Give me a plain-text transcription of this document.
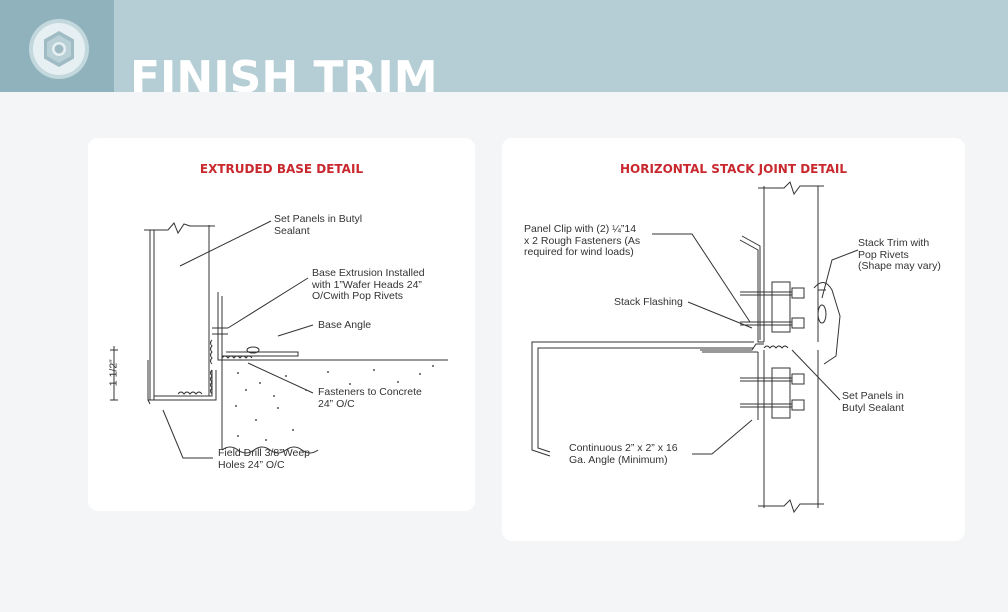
FINISH TRIM
EXTRUDED BASE DETAIL
Set Panels in Butyl
Sealant
Base Extrusion Installed
with 1”Wafer Heads 24”
O/Cwith Pop Rivets
Base Angle
Fasteners to Concrete
24” O/C
Field Drill 3/8”Weep
Holes 24” O/C
1 1/2”
HORIZONTAL STACK JOINT DETAIL
Panel Clip with (2) ¼”14
x 2 Rough Fasteners (As
required for wind loads)
Stack Flashing
Stack Trim with
Pop Rivets
(Shape may vary)
Set Panels in
Butyl Sealant
Continuous 2” x 2” x 16
Ga. Angle (Minimum)
